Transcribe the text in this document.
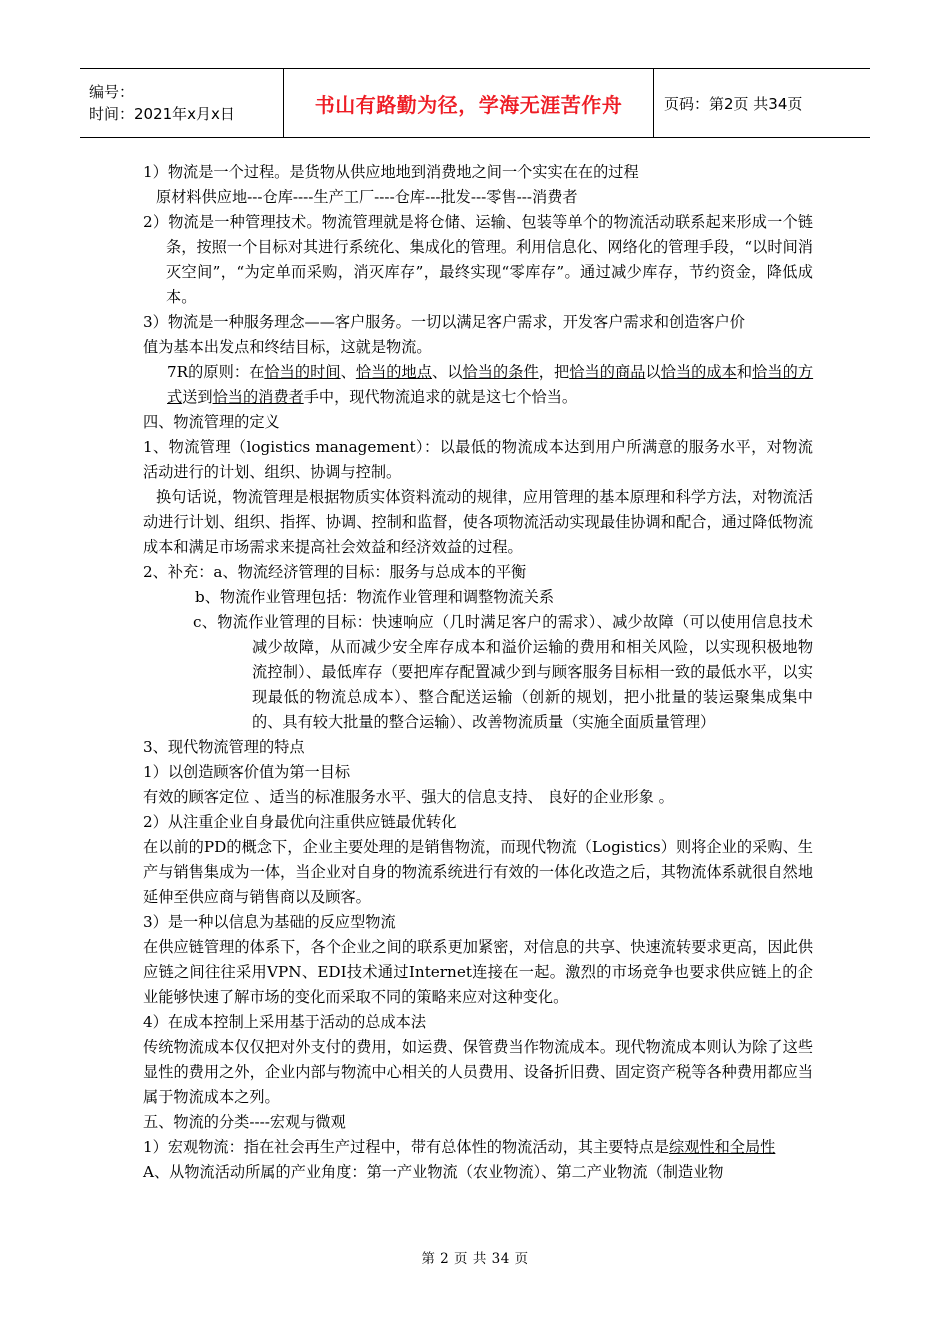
编号：
时间：2021年x月x日	书山有路勤为径，学海无涯苦作舟	页码：第2页 共34页

1）物流是一个过程。是货物从供应地地到消费地之间一个实实在在的过程

原材料供应地---仓库----生产工厂----仓库---批发---零售---消费者

2）物流是一种管理技术。物流管理就是将仓储、运输、包装等单个的物流活动联系起来形成一个链条，按照一个目标对其进行系统化、集成化的管理。利用信息化、网络化的管理手段，“以时间消灭空间”，“为定单而采购，消灭库存”，最终实现“零库存”。通过减少库存，节约资金，降低成本。

3）物流是一种服务理念——客户服务。一切以满足客户需求，开发客户需求和创造客户价

值为基本出发点和终结目标，这就是物流。

7R的原则：在恰当的时间、恰当的地点、以恰当的条件，把恰当的商品以恰当的成本和恰当的方式送到恰当的消费者手中，现代物流追求的就是这七个恰当。

四、物流管理的定义

1、物流管理（logistics management）：以最低的物流成本达到用户所满意的服务水平，对物流活动进行的计划、组织、协调与控制。

换句话说，物流管理是根据物质实体资料流动的规律，应用管理的基本原理和科学方法，对物流活动进行计划、组织、指挥、协调、控制和监督，使各项物流活动实现最佳协调和配合，通过降低物流成本和满足市场需求来提高社会效益和经济效益的过程。

2、补充：a、物流经济管理的目标：服务与总成本的平衡

b、物流作业管理包括：物流作业管理和调整物流关系

c、物流作业管理的目标：快速响应（几时满足客户的需求）、减少故障（可以使用信息技术减少故障，从而减少安全库存成本和溢价运输的费用和相关风险，以实现积极地物流控制）、最低库存（要把库存配置减少到与顾客服务目标相一致的最低水平，以实现最低的物流总成本）、整合配送运输（创新的规划，把小批量的装运聚集成集中的、具有较大批量的整合运输）、改善物流质量（实施全面质量管理）

3、现代物流管理的特点

1）以创造顾客价值为第一目标

有效的顾客定位 、适当的标准服务水平、强大的信息支持、 良好的企业形象 。

2）从注重企业自身最优向注重供应链最优转化

在以前的PD的概念下，企业主要处理的是销售物流，而现代物流（Logistics）则将企业的采购、生产与销售集成为一体，当企业对自身的物流系统进行有效的一体化改造之后，其物流体系就很自然地延伸至供应商与销售商以及顾客。

3）是一种以信息为基础的反应型物流

在供应链管理的体系下，各个企业之间的联系更加紧密，对信息的共享、快速流转要求更高，因此供应链之间往往采用VPN、EDI技术通过Internet连接在一起。激烈的市场竞争也要求供应链上的企业能够快速了解市场的变化而采取不同的策略来应对这种变化。

4）在成本控制上采用基于活动的总成本法

传统物流成本仅仅把对外支付的费用，如运费、保管费当作物流成本。现代物流成本则认为除了这些显性的费用之外，企业内部与物流中心相关的人员费用、设备折旧费、固定资产税等各种费用都应当属于物流成本之列。

五、物流的分类----宏观与微观

1）宏观物流：指在社会再生产过程中，带有总体性的物流活动，其主要特点是综观性和全局性

A、从物流活动所属的产业角度：第一产业物流（农业物流）、第二产业物流（制造业物

第 2 页 共 34 页
